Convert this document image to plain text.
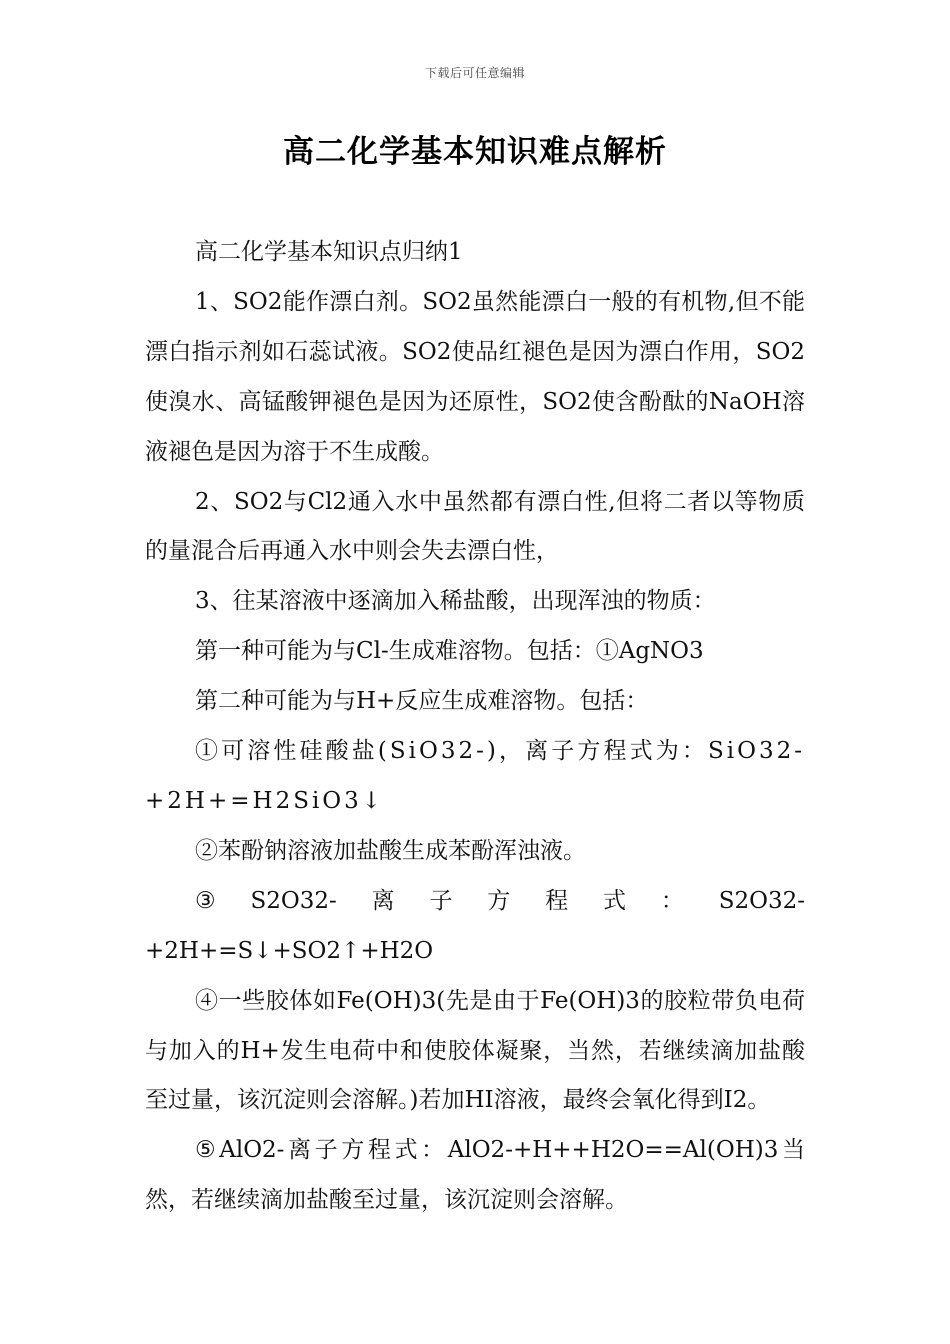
下载后可任意编辑
高二化学基本知识难点解析

高二化学基本知识点归纳1

1、SO2能作漂白剂。SO2虽然能漂白一般的有机物,但不能漂白指示剂如石蕊试液。SO2使品红褪色是因为漂白作用，SO2使溴水、高锰酸钾褪色是因为还原性，SO2使含酚酞的NaOH溶液褪色是因为溶于不生成酸。

2、SO2与Cl2通入水中虽然都有漂白性,但将二者以等物质的量混合后再通入水中则会失去漂白性，

3、往某溶液中逐滴加入稀盐酸，出现浑浊的物质：

第一种可能为与Cl-生成难溶物。包括：①AgNO3

第二种可能为与H+反应生成难溶物。包括：

①可溶性硅酸盐(SiO32-)，离子方程式为：SiO32-+2H+=H2SiO3↓

②苯酚钠溶液加盐酸生成苯酚浑浊液。

③S2O32-离子方程式：S2O32-+2H+=S↓+SO2↑+H2O

④一些胶体如Fe(OH)3(先是由于Fe(OH)3的胶粒带负电荷与加入的H+发生电荷中和使胶体凝聚，当然，若继续滴加盐酸至过量，该沉淀则会溶解。)若加HI溶液，最终会氧化得到I2。

⑤AlO2-离子方程式：AlO2-+H++H2O==Al(OH)3当然，若继续滴加盐酸至过量，该沉淀则会溶解。
